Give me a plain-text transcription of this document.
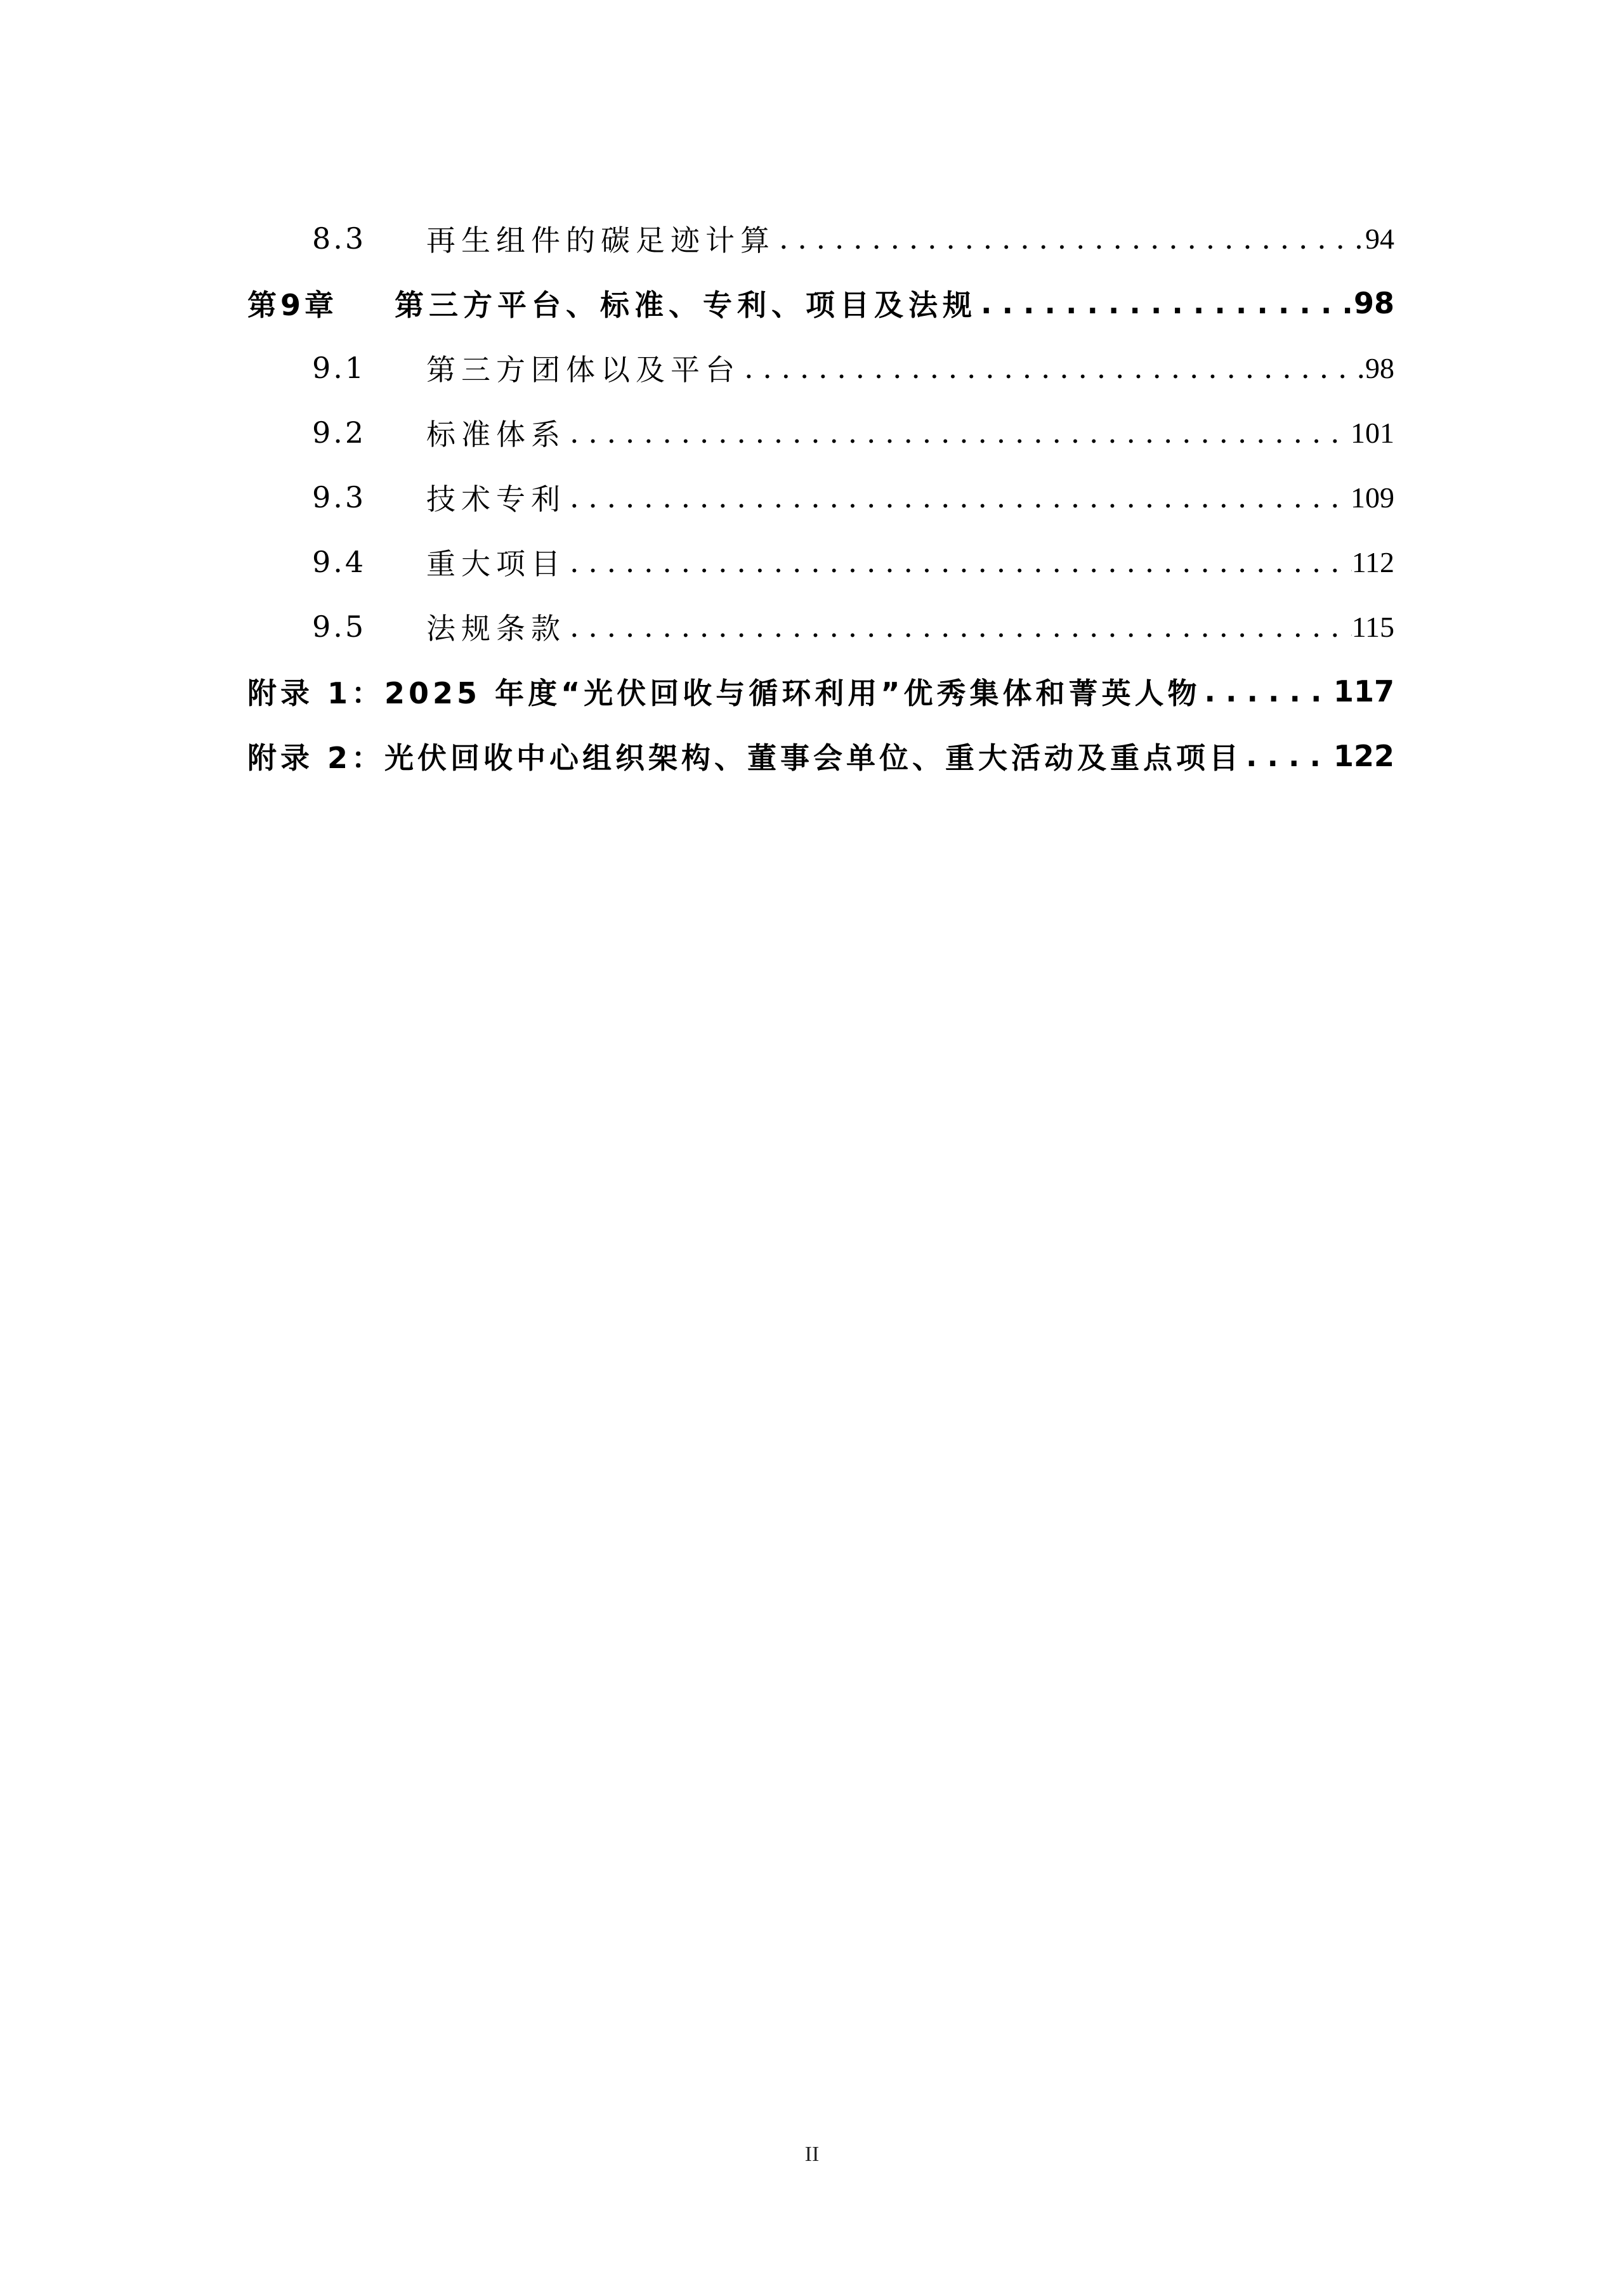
8.3	再生组件的碳足迹计算 . . .	94
第9章	第三方平台、标准、专利、项目及法规 . . .	98
9.1	第三方团体以及平台 . . .	98
9.2	标准体系 . . .	101
9.3	技术专利 . . .	109
9.4	重大项目 . . .	112
9.5	法规条款 . . .	115
附录 1：2025 年度“光伏回收与循环利用”优秀集体和菁英人物 . . .	117
附录 2：光伏回收中心组织架构、董事会单位、重大活动及重点项目 . . .	122
II
